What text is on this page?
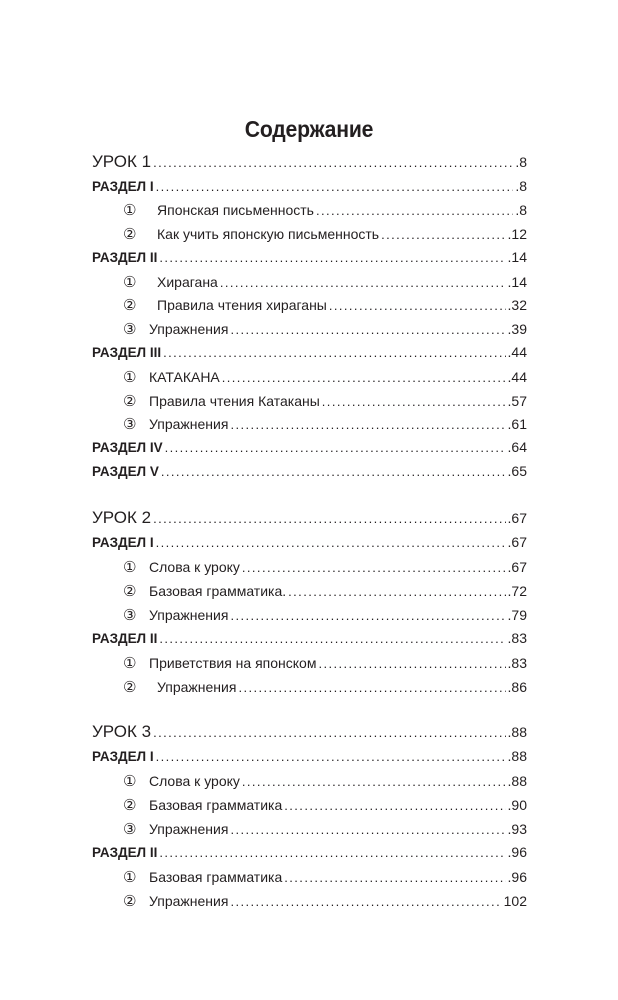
Содержание
УРОК 1 .....	.8
РАЗДЕЛ I .....	.8
①	Японская письменность .....	.8
②	Как учить японскую письменность .....	.12
РАЗДЕЛ II .....	.14
①	Хирагана .....	.14
②	Правила чтения хираганы .....	.32
③ Упражнения .....	.39
РАЗДЕЛ III .....	.44
① КАТАКАНА .....	.44
② Правила чтения Катаканы .....	.57
③ Упражнения .....	.61
РАЗДЕЛ IV .....	.64
РАЗДЕЛ V .....	.65
УРОК 2 .....	.67
РАЗДЕЛ I .....	.67
① Слова к уроку .....	.67
② Базовая грамматика. .....	.72
③ Упражнения .....	.79
РАЗДЕЛ II .....	.83
① Приветствия на японском .....	.83
②	Упражнения .....	.86
УРОК 3 .....	.88
РАЗДЕЛ I .....	.88
① Слова к уроку .....	.88
② Базовая грамматика .....	.90
③ Упражнения .....	.93
РАЗДЕЛ II .....	.96
① Базовая грамматика .....	.96
② Упражнения .....	102
